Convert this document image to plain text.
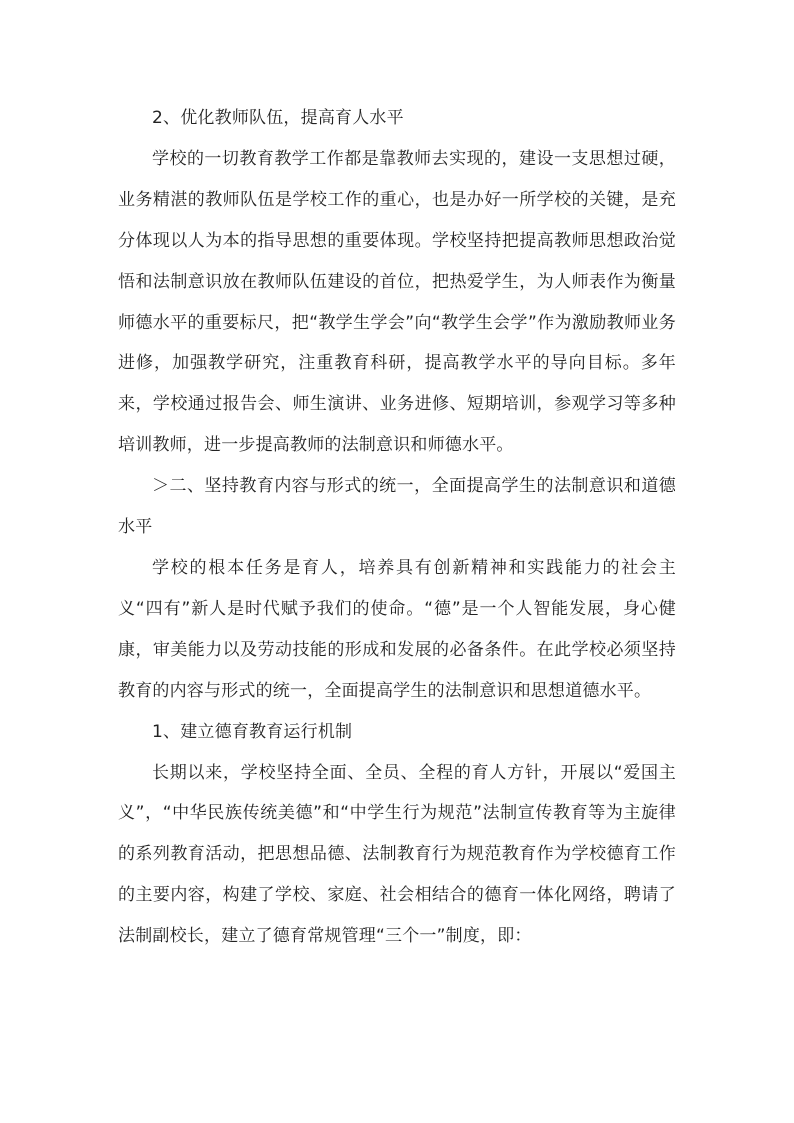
2、优化教师队伍，提高育人水平

学校的一切教育教学工作都是靠教师去实现的，建设一支思想过硬，业务精湛的教师队伍是学校工作的重心，也是办好一所学校的关键，是充分体现以人为本的指导思想的重要体现。学校坚持把提高教师思想政治觉悟和法制意识放在教师队伍建设的首位，把热爱学生，为人师表作为衡量师德水平的重要标尺，把“教学生学会”向“教学生会学”作为激励教师业务进修，加强教学研究，注重教育科研，提高教学水平的导向目标。多年来，学校通过报告会、师生演讲、业务进修、短期培训，参观学习等多种培训教师，进一步提高教师的法制意识和师德水平。

＞二、坚持教育内容与形式的统一，全面提高学生的法制意识和道德水平

学校的根本任务是育人，培养具有创新精神和实践能力的社会主义“四有”新人是时代赋予我们的使命。“德”是一个人智能发展，身心健康，审美能力以及劳动技能的形成和发展的必备条件。在此学校必须坚持教育的内容与形式的统一，全面提高学生的法制意识和思想道德水平。

1、建立德育教育运行机制

长期以来，学校坚持全面、全员、全程的育人方针，开展以“爱国主义”，“中华民族传统美德”和“中学生行为规范”法制宣传教育等为主旋律的系列教育活动，把思想品德、法制教育行为规范教育作为学校德育工作的主要内容，构建了学校、家庭、社会相结合的德育一体化网络，聘请了法制副校长，建立了德育常规管理“三个一”制度，即：
